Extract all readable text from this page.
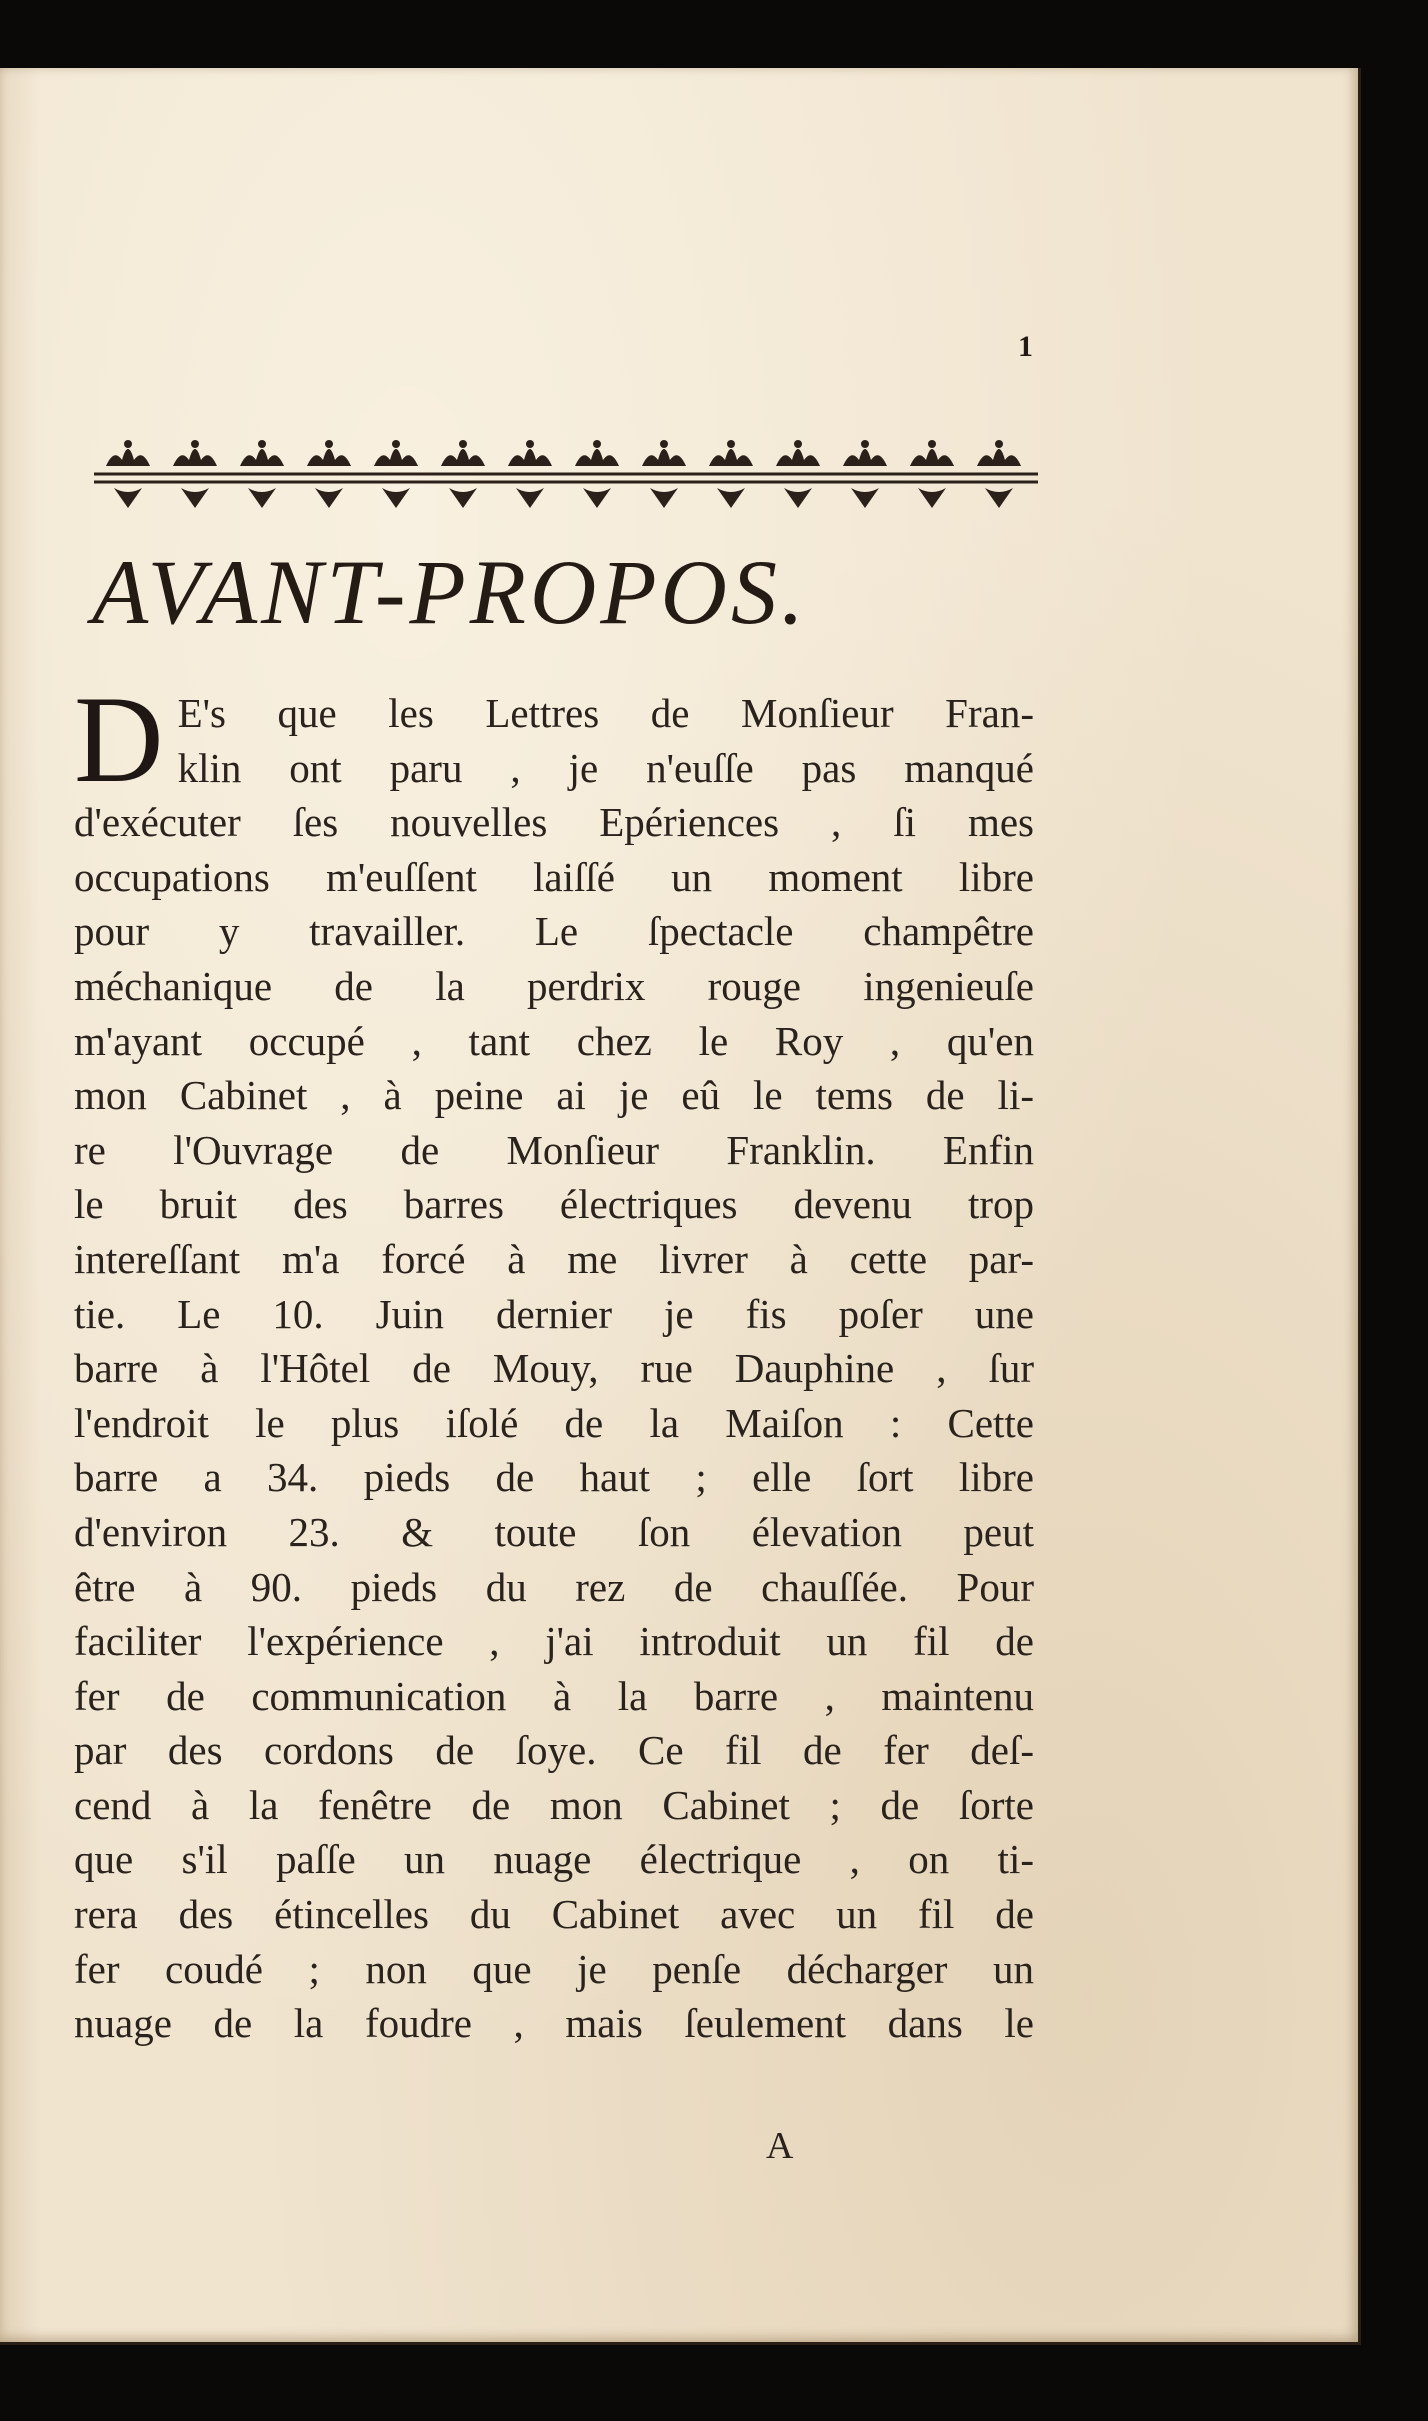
1
AVANT-PROPOS.
D E's que les Lettres de Monſieur Fran-
klin ont paru , je n'euſſe pas manqué
d'exécuter ſes nouvelles Epériences , ſi mes
occupations m'euſſent laiſſé un moment libre
pour y travailler. Le ſpectacle champêtre
méchanique de la perdrix rouge ingenieuſe
m'ayant occupé , tant chez le Roy , qu'en
mon Cabinet , à peine ai je eû le tems de li-
re l'Ouvrage de Monſieur Franklin. Enfin
le bruit des barres électriques devenu trop
intereſſant m'a forcé à me livrer à cette par-
tie. Le 10. Juin dernier je fis poſer une
barre à l'Hôtel de Mouy, rue Dauphine , ſur
l'endroit le plus iſolé de la Maiſon : Cette
barre a 34. pieds de haut ; elle ſort libre
d'environ 23. & toute ſon élevation peut
être à 90. pieds du rez de chauſſée. Pour
faciliter l'expérience , j'ai introduit un fil de
fer de communication à la barre , maintenu
par des cordons de ſoye. Ce fil de fer deſ-
cend à la fenêtre de mon Cabinet ; de ſorte
que s'il paſſe un nuage électrique , on ti-
rera des étincelles du Cabinet avec un fil de
fer coudé ; non que je penſe décharger un
nuage de la foudre , mais ſeulement dans le
A
